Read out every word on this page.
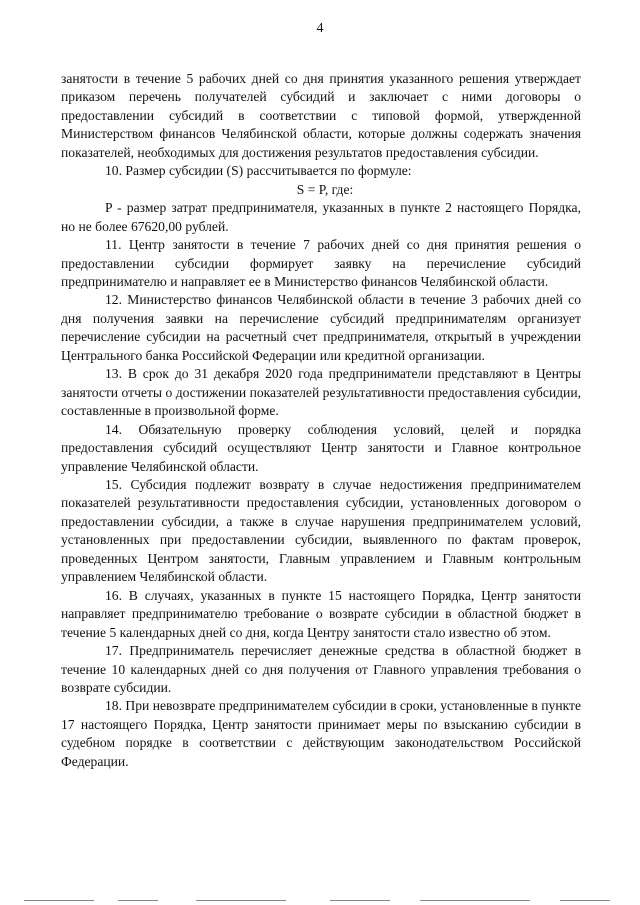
4

занятости в течение 5 рабочих дней со дня принятия указанного решения утверждает приказом перечень получателей субсидий и заключает с ними договоры о предоставлении субсидий в соответствии с типовой формой, утвержденной Министерством финансов Челябинской области, которые должны содержать значения показателей, необходимых для достижения результатов предоставления субсидии.

10. Размер субсидии (S) рассчитывается по формуле:

S = P, где:

P - размер затрат предпринимателя, указанных в пункте 2 настоящего Порядка, но не более 67620,00 рублей.

11. Центр занятости в течение 7 рабочих дней со дня принятия решения о предоставлении субсидии формирует заявку на перечисление субсидий предпринимателю и направляет ее в Министерство финансов Челябинской области.

12. Министерство финансов Челябинской области в течение 3 рабочих дней со дня получения заявки на перечисление субсидий предпринимателям организует перечисление субсидии на расчетный счет предпринимателя, открытый в учреждении Центрального банка Российской Федерации или кредитной организации.

13. В срок до 31 декабря 2020 года предприниматели представляют в Центры занятости отчеты о достижении показателей результативности предоставления субсидии, составленные в произвольной форме.

14. Обязательную проверку соблюдения условий, целей и порядка предоставления субсидий осуществляют Центр занятости и Главное контрольное управление Челябинской области.

15. Субсидия подлежит возврату в случае недостижения предпринимателем показателей результативности предоставления субсидии, установленных договором о предоставлении субсидии, а также в случае нарушения предпринимателем условий, установленных при предоставлении субсидии, выявленного по фактам проверок, проведенных Центром занятости, Главным управлением и Главным контрольным управлением Челябинской области.

16. В случаях, указанных в пункте 15 настоящего Порядка, Центр занятости направляет предпринимателю требование о возврате субсидии в областной бюджет в течение 5 календарных дней со дня, когда Центру занятости стало известно об этом.

17. Предприниматель перечисляет денежные средства в областной бюджет в течение 10 календарных дней со дня получения от Главного управления требования о возврате субсидии.

18. При невозврате предпринимателем субсидии в сроки, установленные в пункте 17 настоящего Порядка, Центр занятости принимает меры по взысканию субсидии в судебном порядке в соответствии с действующим законодательством Российской Федерации.
